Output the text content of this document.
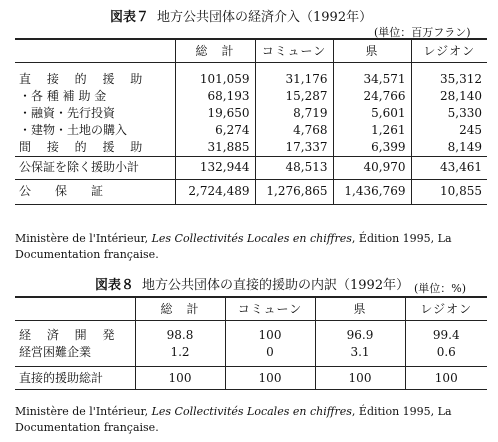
図表７ 地方公共団体の経済介入（1992年）
(単位：百万フラン)
	総　計	コミューン	県	レジオン

直 接 的 援 助	101,059	31,176	34,571	35,312
・各 種 補 助 金	68,193	15,287	24,766	28,140
・融資・先行投資	19,650	8,719	5,601	5,330
・建物・土地の購入	6,274	4,768	1,261	245
間 接 的 援 助	31,885	17,337	6,399	8,149
公保証を除く援助小計	132,944	48,513	40,970	43,461
公　　保　　証	2,724,489	1,276,865	1,436,769	10,855
Ministère de l'Intérieur, Les Collectivités Locales en chiffres, Édition 1995, La Documentation française.
図表８ 地方公共団体の直接的援助の内訳（1992年） (単位：%)
	総　計	コミューン	県	レジオン

経 済 開 発	98.8	100	96.9	99.4
経営困難企業	1.2	0	3.1	0.6

直接的援助総計	100	100	100	100
Ministère de l'Intérieur, Les Collectivités Locales en chiffres, Édition 1995, La Documentation française.
